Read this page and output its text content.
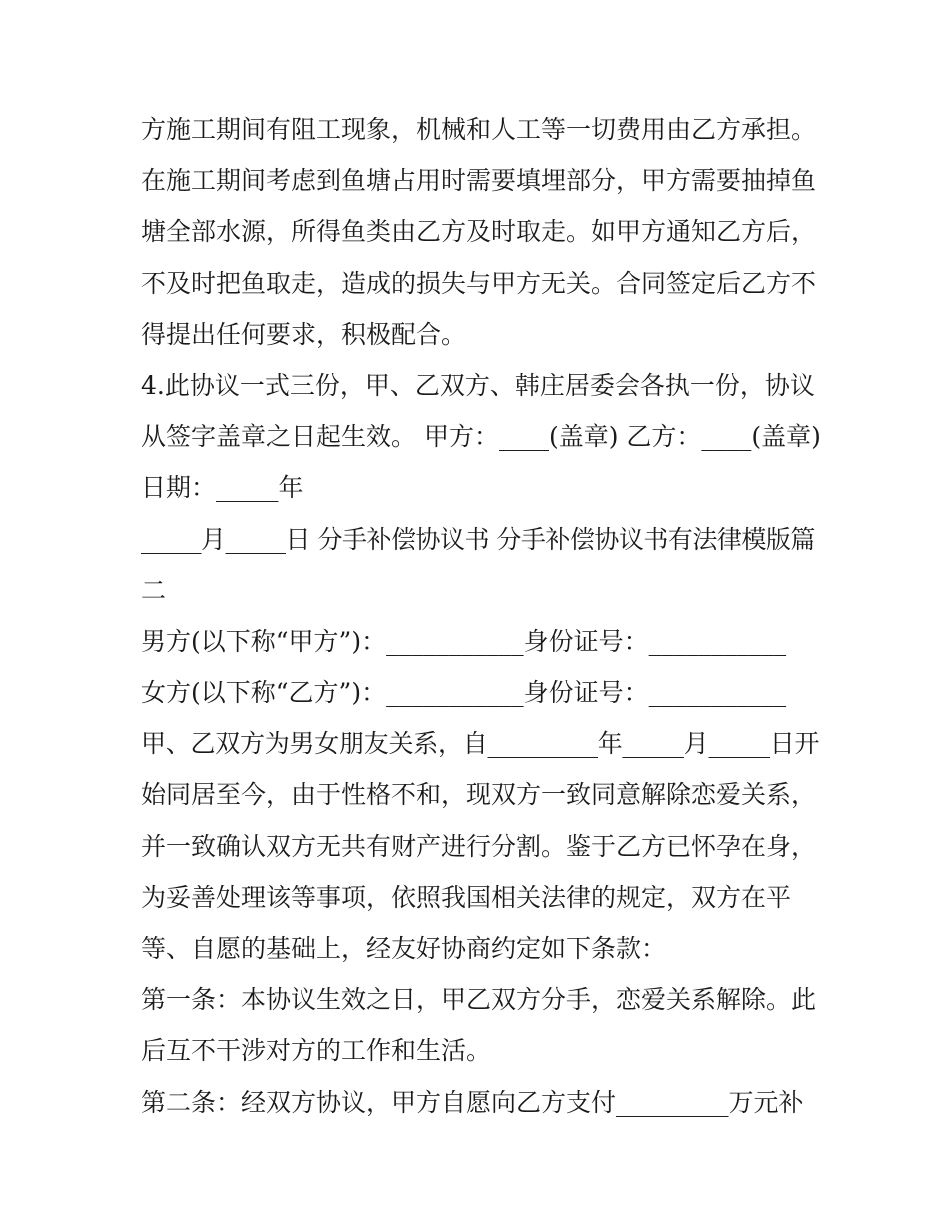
方施工期间有阻工现象，机械和人工等一切费用由乙方承担。
在施工期间考虑到鱼塘占用时需要填埋部分，甲方需要抽掉鱼
塘全部水源，所得鱼类由乙方及时取走。如甲方通知乙方后，
不及时把鱼取走，造成的损失与甲方无关。合同签定后乙方不
得提出任何要求，积极配合。
4.此协议一式三份，甲、乙双方、韩庄居委会各执一份，协议
从签字盖章之日起生效。 甲方：____(盖章) 乙方：____(盖章)
日期：_____年
_____月_____日 分手补偿协议书 分手补偿协议书有法律模版篇
二
男方(以下称“甲方”)：___________身份证号：___________
女方(以下称“乙方”)：___________身份证号：___________
甲、乙双方为男女朋友关系，自_________年_____月_____日开
始同居至今，由于性格不和，现双方一致同意解除恋爱关系，
并一致确认双方无共有财产进行分割。鉴于乙方已怀孕在身，
为妥善处理该等事项，依照我国相关法律的规定，双方在平
等、自愿的基础上，经友好协商约定如下条款：
第一条：本协议生效之日，甲乙双方分手，恋爱关系解除。此
后互不干涉对方的工作和生活。
第二条：经双方协议，甲方自愿向乙方支付_________万元补
